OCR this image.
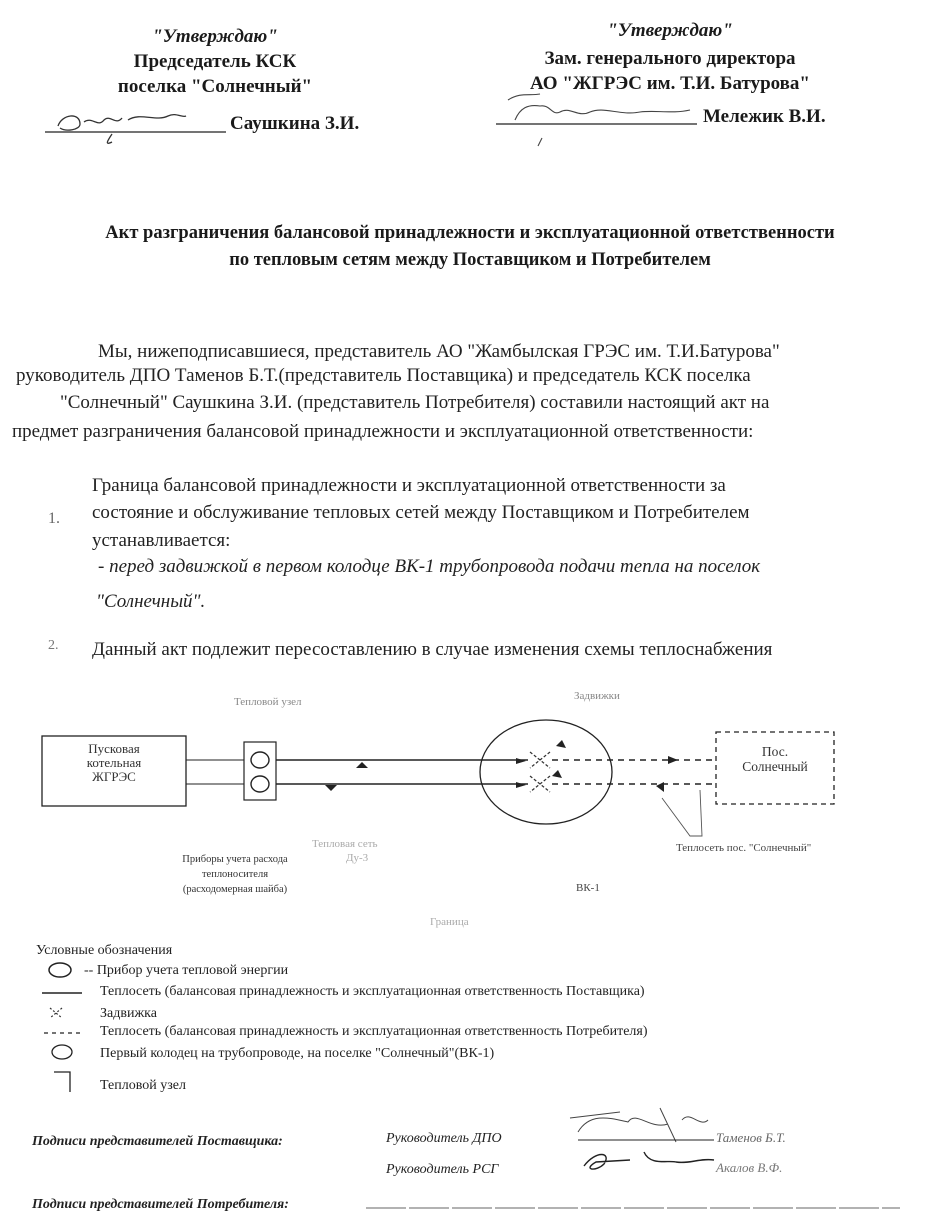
"Утверждаю"
Председатель КСК
поселка "Солнечный"
Саушкина З.И.
"Утверждаю"
Зам. генерального директора
АО "ЖГРЭС им. Т.И. Батурова"
Мележик В.И.
Акт разграничения балансовой принадлежности и эксплуатационной ответственности
по тепловым сетям между Поставщиком и Потребителем
Мы, нижеподписавшиеся, представитель АО "Жамбылская ГРЭС им. Т.И.Батурова"
руководитель ДПО Таменов Б.Т.(представитель Поставщика) и председатель КСК поселка
"Солнечный" Саушкина З.И. (представитель Потребителя) составили настоящий акт на
предмет разграничения балансовой принадлежности и эксплуатационной ответственности:
1.
Граница балансовой принадлежности и эксплуатационной ответственности за
состояние и обслуживание тепловых сетей между Поставщиком и Потребителем
устанавливается:
- перед задвижкой в первом колодце ВК-1 трубопровода подачи тепла на поселок
"Солнечный".
2. Данный акт подлежит пересоставлению в случае изменения схемы теплоснабжения
Тепловой узел	Задвижки
Пусковая
котельная
ЖГРЭС
Пос.
Солнечный
Тепловая сеть
Ду-3
Приборы учета расхода
теплоносителя
(расходомерная шайба)	ВК-1
Теплосеть пос. "Солнечный"
Граница
Условные обозначения
-- Прибор учета тепловой энергии
Теплосеть (балансовая принадлежность и эксплуатационная ответственность Поставщика)
Задвижка
Теплосеть (балансовая принадлежность и эксплуатационная ответственность Потребителя)
Первый колодец на трубопроводе, на поселке "Солнечный"(ВК-1)
Тепловой узел
Подписи представителей Поставщика:	Руководитель ДПО	Таменов Б.Т.
Руководитель РСГ	Акалов В.Ф.
Подписи представителей Потребителя:
